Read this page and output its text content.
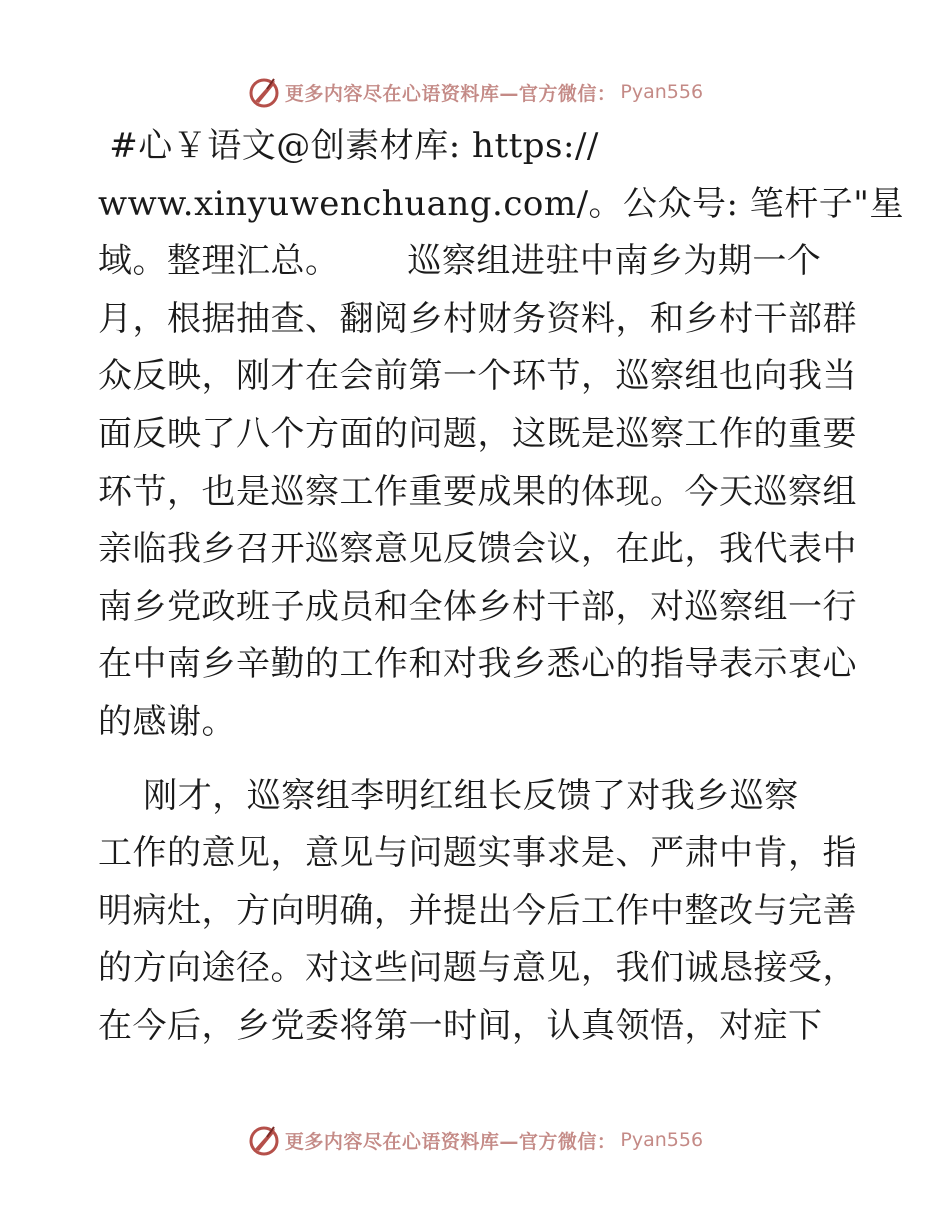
更多内容尽在心语资料库—官方微信： Pyan556
#心￥语文@创素材库: https://
www.xinyuwenchuang.com/。公众号: 笔杆子"星
域。整理汇总。      巡察组进驻中南乡为期一个
月，根据抽查、翻阅乡村财务资料，和乡村干部群
众反映，刚才在会前第一个环节，巡察组也向我当
面反映了八个方面的问题，这既是巡察工作的重要
环节，也是巡察工作重要成果的体现。今天巡察组
亲临我乡召开巡察意见反馈会议，在此，我代表中
南乡党政班子成员和全体乡村干部，对巡察组一行
在中南乡辛勤的工作和对我乡悉心的指导表示衷心
的感谢。
刚才，巡察组李明红组长反馈了对我乡巡察
工作的意见，意见与问题实事求是、严肃中肯，指
明病灶，方向明确，并提出今后工作中整改与完善
的方向途径。对这些问题与意见，我们诚恳接受，
在今后，乡党委将第一时间，认真领悟，对症下
更多内容尽在心语资料库—官方微信： Pyan556
